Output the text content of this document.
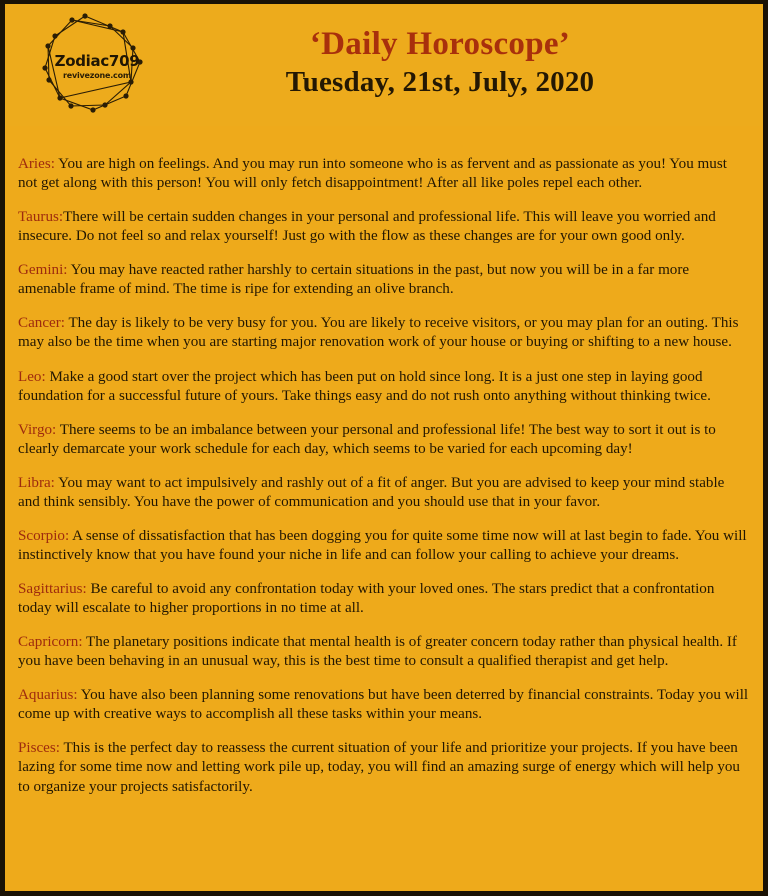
Zodiac709
revivezone.com
‘Daily Horoscope’
Tuesday, 21st, July, 2020

Aries: You are high on feelings. And you may run into someone who is as fervent and as passionate as you! You must not get along with this person! You will only fetch disappointment! After all like poles repel each other.

Taurus:There will be certain sudden changes in your personal and professional life. This will leave you worried and insecure. Do not feel so and relax yourself! Just go with the flow as these changes are for your own good only.

Gemini: You may have reacted rather harshly to certain situations in the past, but now you will be in a far more amenable frame of mind. The time is ripe for extending an olive branch.

Cancer: The day is likely to be very busy for you. You are likely to receive visitors, or you may plan for an outing. This may also be the time when you are starting major renovation work of your house or buying or shifting to a new house.

Leo: Make a good start over the project which has been put on hold since long. It is a just one step in laying good foundation for a successful future of yours. Take things easy and do not rush onto anything without thinking twice.

Virgo: There seems to be an imbalance between your personal and professional life! The best way to sort it out is to clearly demarcate your work schedule for each day, which seems to be varied for each upcoming day!

Libra: You may want to act impulsively and rashly out of a fit of anger. But you are advised to keep your mind stable and think sensibly. You have the power of communication and you should use that in your favor.

Scorpio: A sense of dissatisfaction that has been dogging you for quite some time now will at last begin to fade. You will instinctively know that you have found your niche in life and can follow your calling to achieve your dreams.

Sagittarius: Be careful to avoid any confrontation today with your loved ones. The stars predict that a confrontation today will escalate to higher proportions in no time at all.

Capricorn: The planetary positions indicate that mental health is of greater concern today rather than physical health. If you have been behaving in an unusual way, this is the best time to consult a qualified therapist and get help.

Aquarius: You have also been planning some renovations but have been deterred by financial constraints. Today you will come up with creative ways to accomplish all these tasks within your means.

Pisces: This is the perfect day to reassess the current situation of your life and prioritize your projects. If you have been lazing for some time now and letting work pile up, today, you will find an amazing surge of energy which will help you to organize your projects satisfactorily.
